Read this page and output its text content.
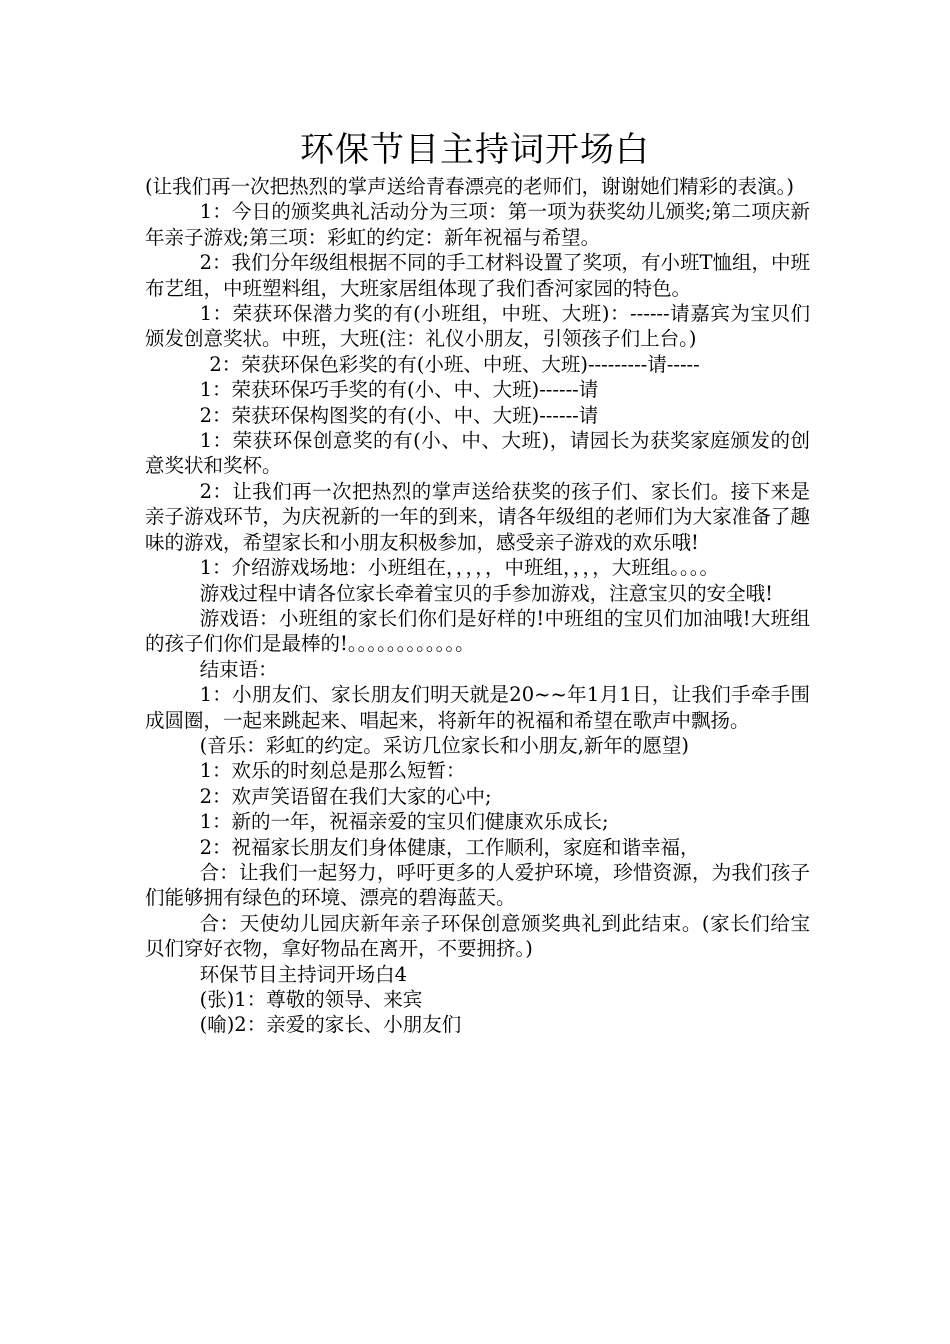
环保节目主持词开场白

(让我们再一次把热烈的掌声送给青春漂亮的老师们，谢谢她们精彩的表演。)

1：今日的颁奖典礼活动分为三项：第一项为获奖幼儿颁奖;第二项庆新年亲子游戏;第三项：彩虹的约定：新年祝福与希望。

2：我们分年级组根据不同的手工材料设置了奖项，有小班T恤组，中班布艺组，中班塑料组，大班家居组体现了我们香河家园的特色。

1：荣获环保潜力奖的有(小班组，中班、大班)：------请嘉宾为宝贝们颁发创意奖状。中班，大班(注：礼仪小朋友，引领孩子们上台。)

2：荣获环保色彩奖的有(小班、中班、大班)---------请-----

1：荣获环保巧手奖的有(小、中、大班)------请

2：荣获环保构图奖的有(小、中、大班)------请

1：荣获环保创意奖的有(小、中、大班)，请园长为获奖家庭颁发的创意奖状和奖杯。

2：让我们再一次把热烈的掌声送给获奖的孩子们、家长们。接下来是亲子游戏环节，为庆祝新的一年的到来，请各年级组的老师们为大家准备了趣味的游戏，希望家长和小朋友积极参加，感受亲子游戏的欢乐哦!

1：介绍游戏场地：小班组在，，，，，中班组，，，，大班组。。。。

游戏过程中请各位家长牵着宝贝的手参加游戏，注意宝贝的安全哦!

游戏语：小班组的家长们你们是好样的!中班组的宝贝们加油哦!大班组的孩子们你们是最棒的!。。。。。。。。。。。。

结束语：

1：小朋友们、家长朋友们明天就是20~~年1月1日，让我们手牵手围成圆圈，一起来跳起来、唱起来，将新年的祝福和希望在歌声中飘扬。

(音乐：彩虹的约定。采访几位家长和小朋友,新年的愿望)

1：欢乐的时刻总是那么短暂：

2：欢声笑语留在我们大家的心中;

1：新的一年，祝福亲爱的宝贝们健康欢乐成长;

2：祝福家长朋友们身体健康，工作顺利，家庭和谐幸福，

合：让我们一起努力，呼吁更多的人爱护环境，珍惜资源，为我们孩子们能够拥有绿色的环境、漂亮的碧海蓝天。

合：天使幼儿园庆新年亲子环保创意颁奖典礼到此结束。(家长们给宝贝们穿好衣物，拿好物品在离开，不要拥挤。)

环保节目主持词开场白4

(张)1：尊敬的领导、来宾

(喻)2：亲爱的家长、小朋友们
